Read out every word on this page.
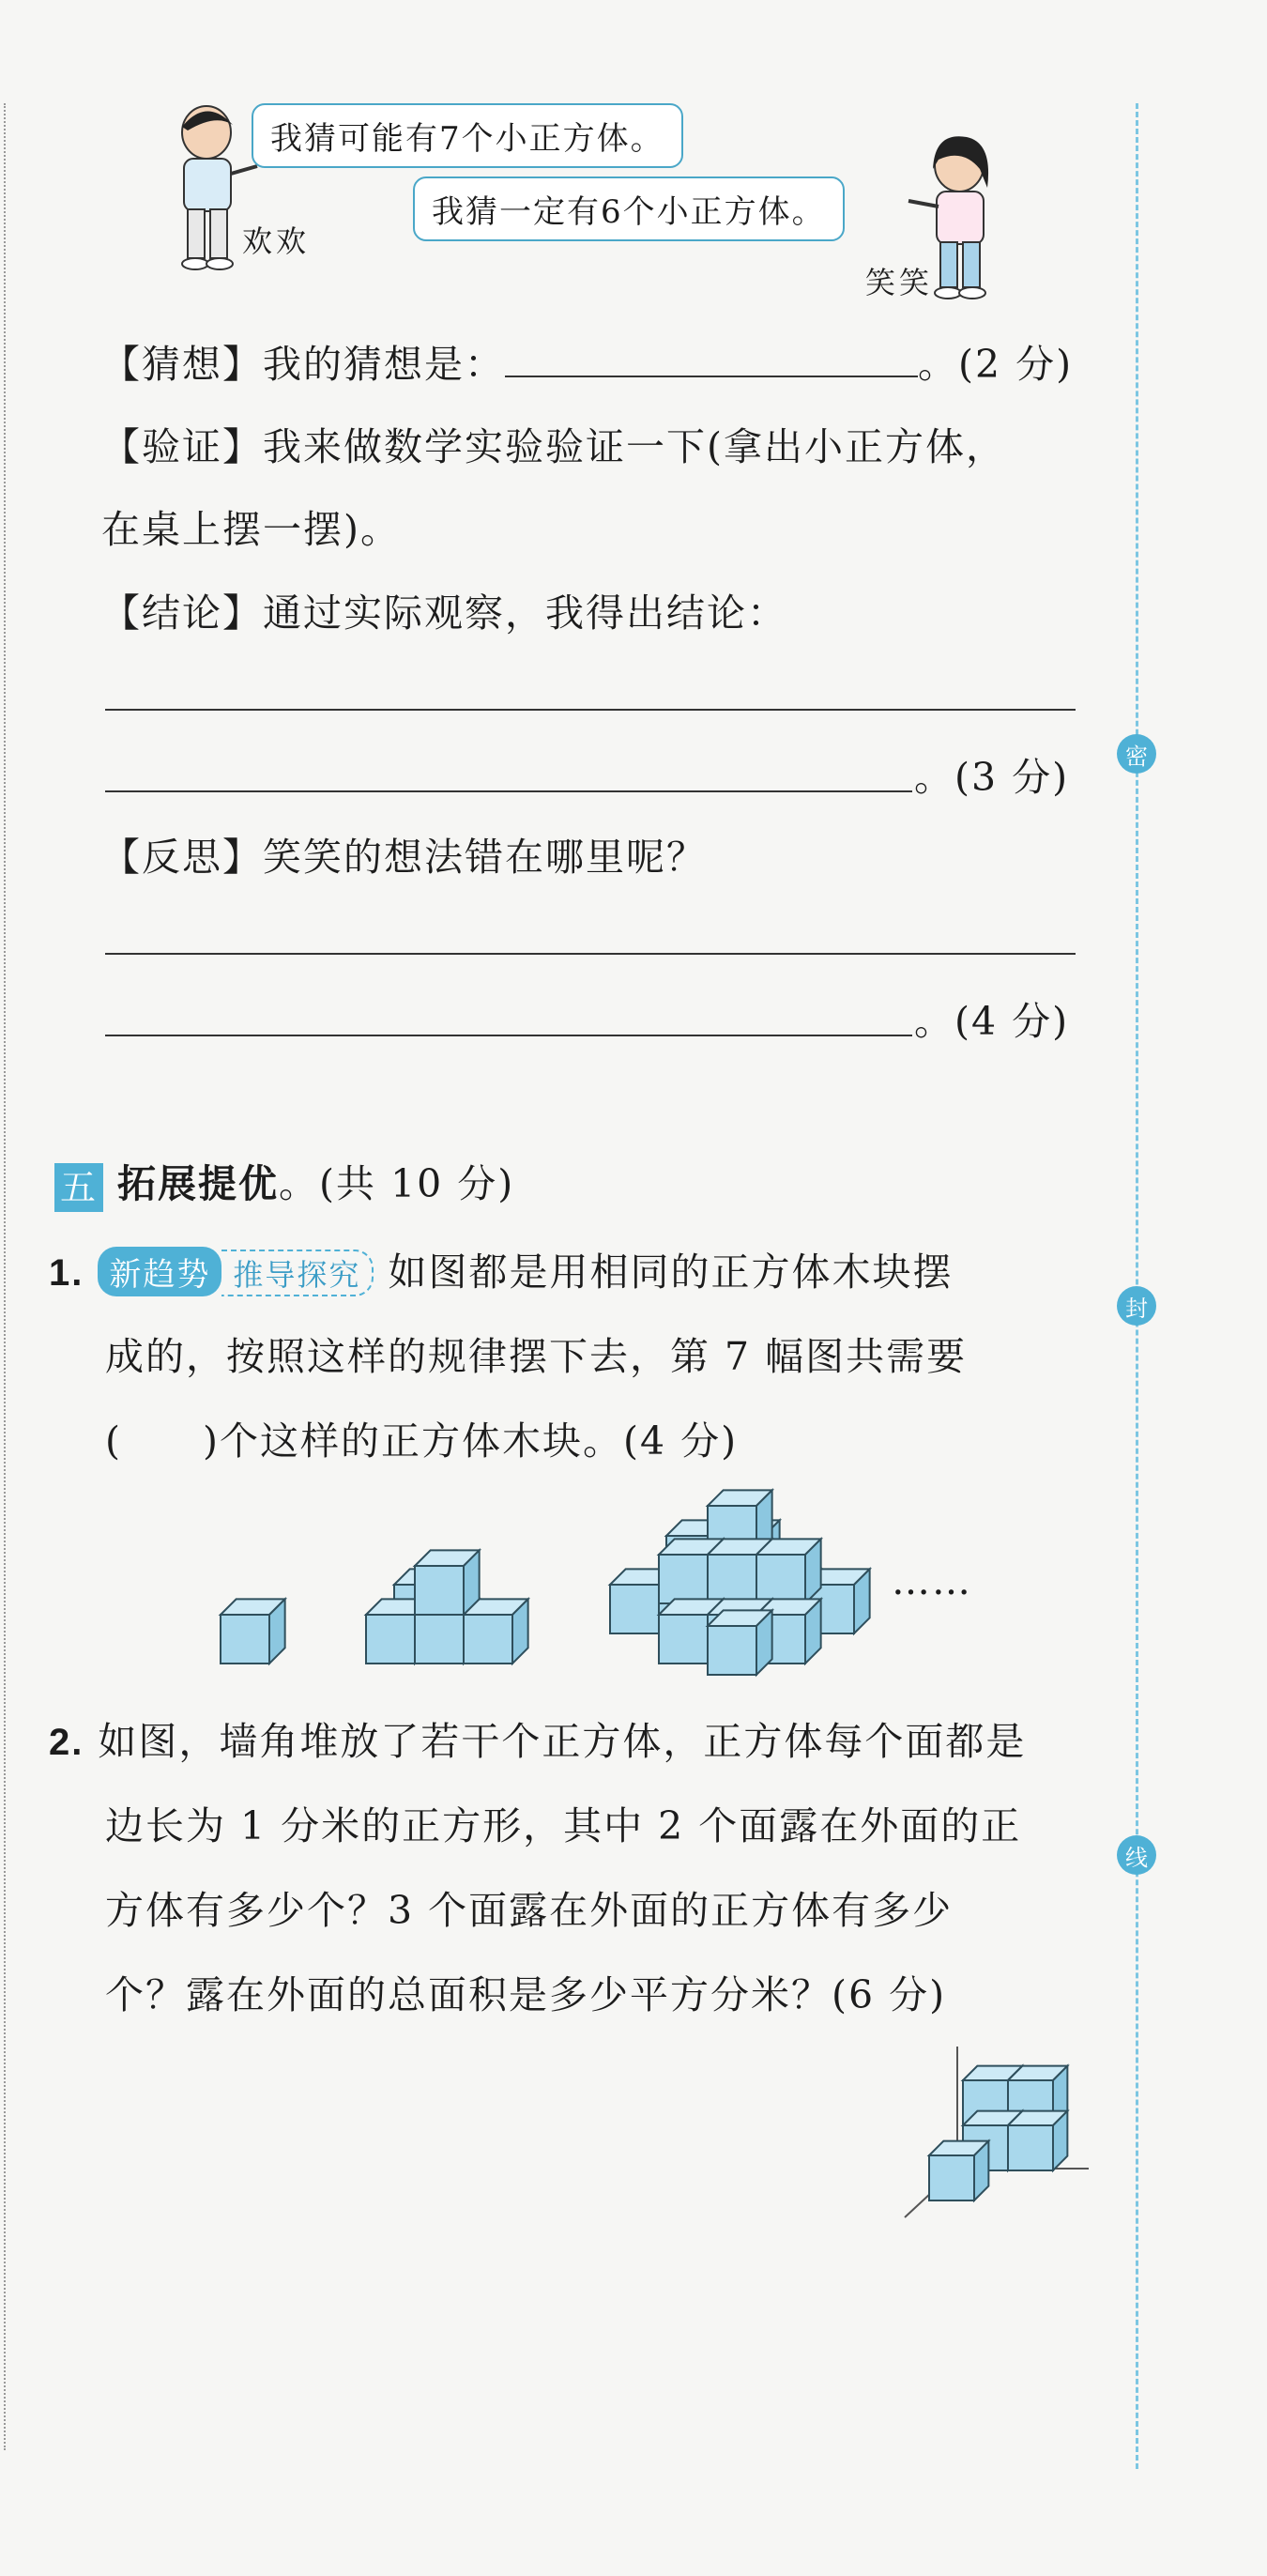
密
封
线
我猜可能有7个小正方体。
欢欢
我猜一定有6个小正方体。
笑笑
【猜想】我的猜想是：	。(2 分)
【验证】我来做数学实验验证一下(拿出小正方体，
在桌上摆一摆)。
【结论】通过实际观察，我得出结论：
。(3 分)
【反思】笑笑的想法错在哪里呢？
。(4 分)
五 拓展提优。(共 10 分)
1. 新趋势 推导探究 如图都是用相同的正方体木块摆
成的，按照这样的规律摆下去，第 7 幅图共需要
(　　)个这样的正方体木块。(4 分)
……
2. 如图，墙角堆放了若干个正方体，正方体每个面都是
边长为 1 分米的正方形，其中 2 个面露在外面的正
方体有多少个？3 个面露在外面的正方体有多少
个？露在外面的总面积是多少平方分米？(6 分)
